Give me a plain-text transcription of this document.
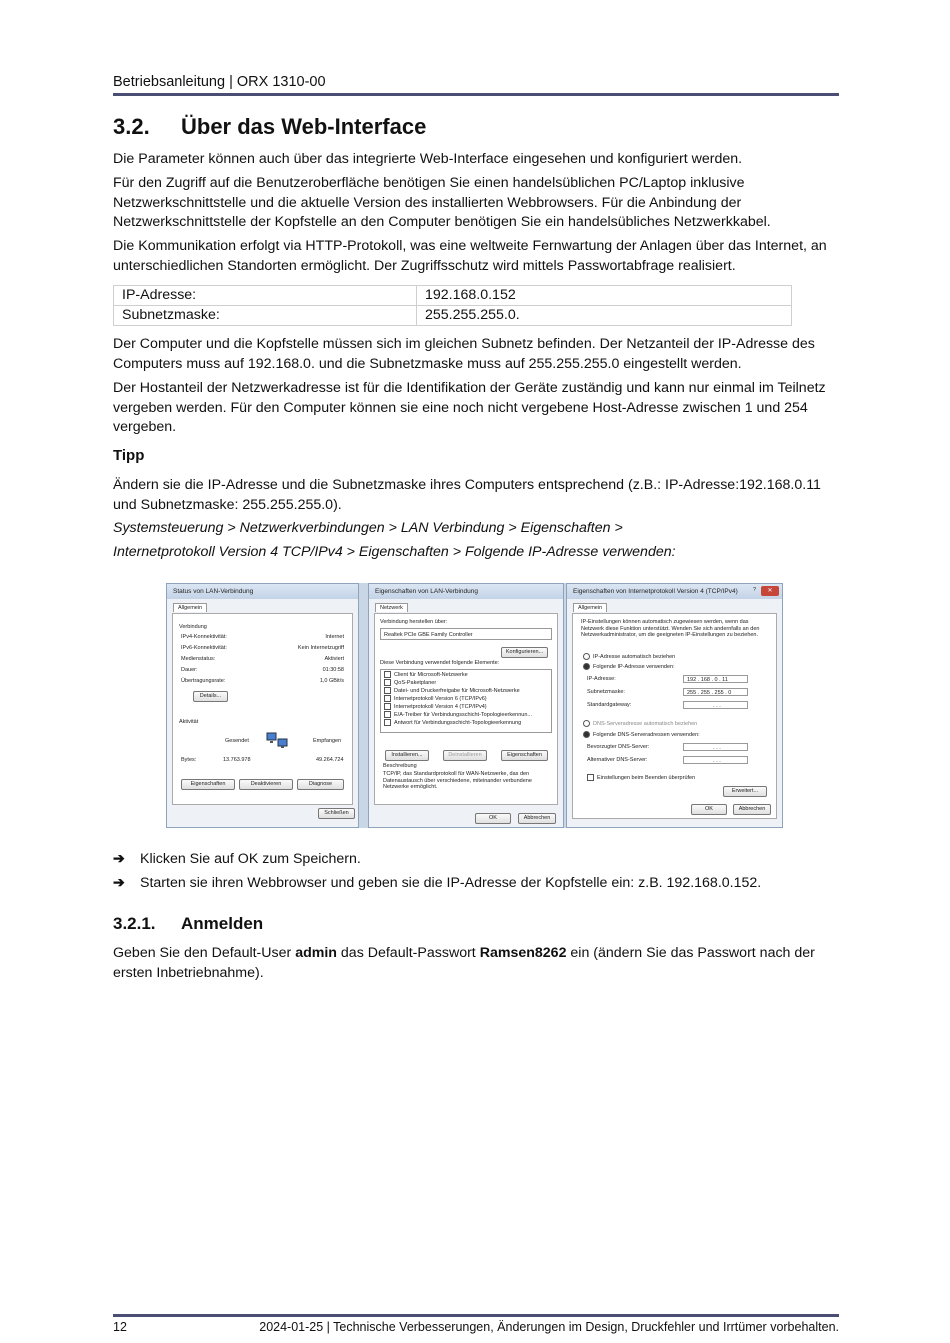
Betriebsanleitung | ORX 1310-00
3.2. Über das Web-Interface
Die Parameter können auch über das integrierte Web-Interface eingesehen und konfiguriert werden.
Für den Zugriff auf die Benutzeroberfläche benötigen Sie einen handelsüblichen PC/Laptop inklusive Netzwerkschnittstelle und die aktuelle Version des installierten Webbrowsers. Für die Anbindung der Netzwerkschnittstelle der Kopfstelle an den Computer benötigen Sie ein handelsübliches Netzwerkkabel.
Die Kommunikation erfolgt via HTTP-Protokoll, was eine weltweite Fernwartung der Anlagen über das Internet, an unterschiedlichen Standorten ermöglicht. Der Zugriffsschutz wird mittels Passwortabfrage realisiert.
IP-Adresse:	192.168.0.152
Subnetzmaske:	255.255.255.0.
Der Computer und die Kopfstelle müssen sich im gleichen Subnetz befinden. Der Netzanteil der IP-Adresse des Computers muss auf 192.168.0. und die Subnetzmaske muss auf 255.255.255.0 eingestellt werden.
Der Hostanteil der Netzwerkadresse ist für die Identifikation der Geräte zuständig und kann nur einmal im Teilnetz vergeben werden. Für den Computer können sie eine noch nicht vergebene Host-Adresse zwischen 1 und 254 vergeben.
Tipp
Ändern sie die IP-Adresse und die Subnetzmaske ihres Computers entsprechend (z.B.: IP-Adresse:192.168.0.11 und Subnetzmaske: 255.255.255.0).
Systemsteuerung > Netzwerkverbindungen > LAN Verbindung > Eigenschaften >
Internetprotokoll Version 4 TCP/IPv4 > Eigenschaften > Folgende IP-Adresse verwenden:
Status von LAN-Verbindung
Allgemein
Verbindung
IPv4-Konnektivität:	Internet
IPv6-Konnektivität:	Kein Internetzugriff
Medienstatus:	Aktiviert
Dauer:	01:30:58
Übertragungsrate:	1,0 GBit/s
Details...
Aktivität
Gesendet	Empfangen
Bytes:	13.763.978	49.264.724
Eigenschaften	Deaktivieren	Diagnose
Schließen
Eigenschaften von LAN-Verbindung
Netzwerk
Verbindung herstellen über:
Realtek PCIe GBE Family Controller
Konfigurieren...
Diese Verbindung verwendet folgende Elemente:
Client für Microsoft-Netzwerke
QoS-Paketplaner
Datei- und Druckerfreigabe für Microsoft-Netzwerke
Internetprotokoll Version 6 (TCP/IPv6)
Internetprotokoll Version 4 (TCP/IPv4)
E/A-Treiber für Verbindungsschicht-Topologieerkennun...
Antwort für Verbindungsschicht-Topologieerkennung
Installieren...	Deinstallieren	Eigenschaften
Beschreibung
TCP/IP, das Standardprotokoll für WAN-Netzwerke, das den Datenaustausch über verschiedene, miteinander verbundene Netzwerke ermöglicht.
OK	Abbrechen
Eigenschaften von Internetprotokoll Version 4 (TCP/IPv4)	✕
?
Allgemein
IP-Einstellungen können automatisch zugewiesen werden, wenn das Netzwerk diese Funktion unterstützt. Wenden Sie sich andernfalls an den Netzwerkadministrator, um die geeigneten IP-Einstellungen zu beziehen.
IP-Adresse automatisch beziehen
Folgende IP-Adresse verwenden:
IP-Adresse:	192 . 168 . 0 . 11
Subnetzmaske:	255 . 255 . 255 . 0
Standardgateway:	. . .
DNS-Serveradresse automatisch beziehen
Folgende DNS-Serveradressen verwenden:
Bevorzugter DNS-Server:	. . .
Alternativer DNS-Server:	. . .
Einstellungen beim Beenden überprüfen
Erweitert...
OK	Abbrechen
➔ Klicken Sie auf OK zum Speichern.
➔ Starten sie ihren Webbrowser und geben sie die IP-Adresse der Kopfstelle ein: z.B. 192.168.0.152.
3.2.1. Anmelden
Geben Sie den Default-User admin das Default-Passwort Ramsen8262 ein (ändern Sie das Passwort nach der ersten Inbetriebnahme).
12	2024-01-25 | Technische Verbesserungen, Änderungen im Design, Druckfehler und Irrtümer vorbehalten.
